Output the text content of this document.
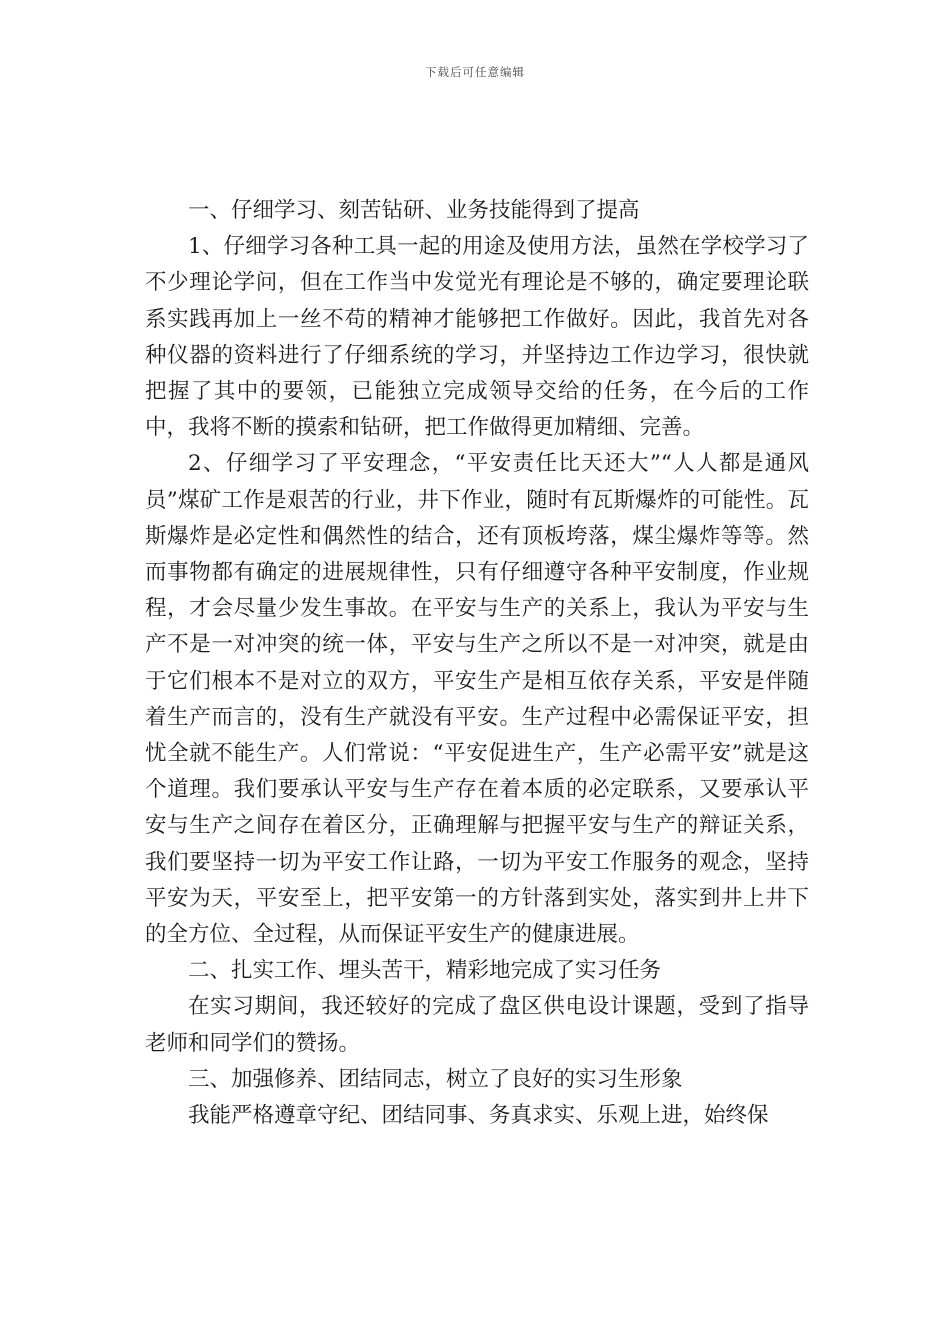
下载后可任意编辑

一、仔细学习、刻苦钻研、业务技能得到了提高

1、仔细学习各种工具一起的用途及使用方法，虽然在学校学习了不少理论学问，但在工作当中发觉光有理论是不够的，确定要理论联系实践再加上一丝不苟的精神才能够把工作做好。因此，我首先对各种仪器的资料进行了仔细系统的学习，并坚持边工作边学习，很快就把握了其中的要领，已能独立完成领导交给的任务，在今后的工作中，我将不断的摸索和钻研，把工作做得更加精细、完善。

2、仔细学习了平安理念，“平安责任比天还大”“人人都是通风员”煤矿工作是艰苦的行业，井下作业，随时有瓦斯爆炸的可能性。瓦斯爆炸是必定性和偶然性的结合，还有顶板垮落，煤尘爆炸等等。然而事物都有确定的进展规律性，只有仔细遵守各种平安制度，作业规程，才会尽量少发生事故。在平安与生产的关系上，我认为平安与生产不是一对冲突的统一体，平安与生产之所以不是一对冲突，就是由于它们根本不是对立的双方，平安生产是相互依存关系，平安是伴随着生产而言的，没有生产就没有平安。生产过程中必需保证平安，担忧全就不能生产。人们常说：“平安促进生产，生产必需平安”就是这个道理。我们要承认平安与生产存在着本质的必定联系，又要承认平安与生产之间存在着区分，正确理解与把握平安与生产的辩证关系，我们要坚持一切为平安工作让路，一切为平安工作服务的观念，坚持平安为天，平安至上，把平安第一的方针落到实处，落实到井上井下的全方位、全过程，从而保证平安生产的健康进展。

二、扎实工作、埋头苦干，精彩地完成了实习任务

在实习期间，我还较好的完成了盘区供电设计课题，受到了指导老师和同学们的赞扬。

三、加强修养、团结同志，树立了良好的实习生形象

我能严格遵章守纪、团结同事、务真求实、乐观上进，始终保
